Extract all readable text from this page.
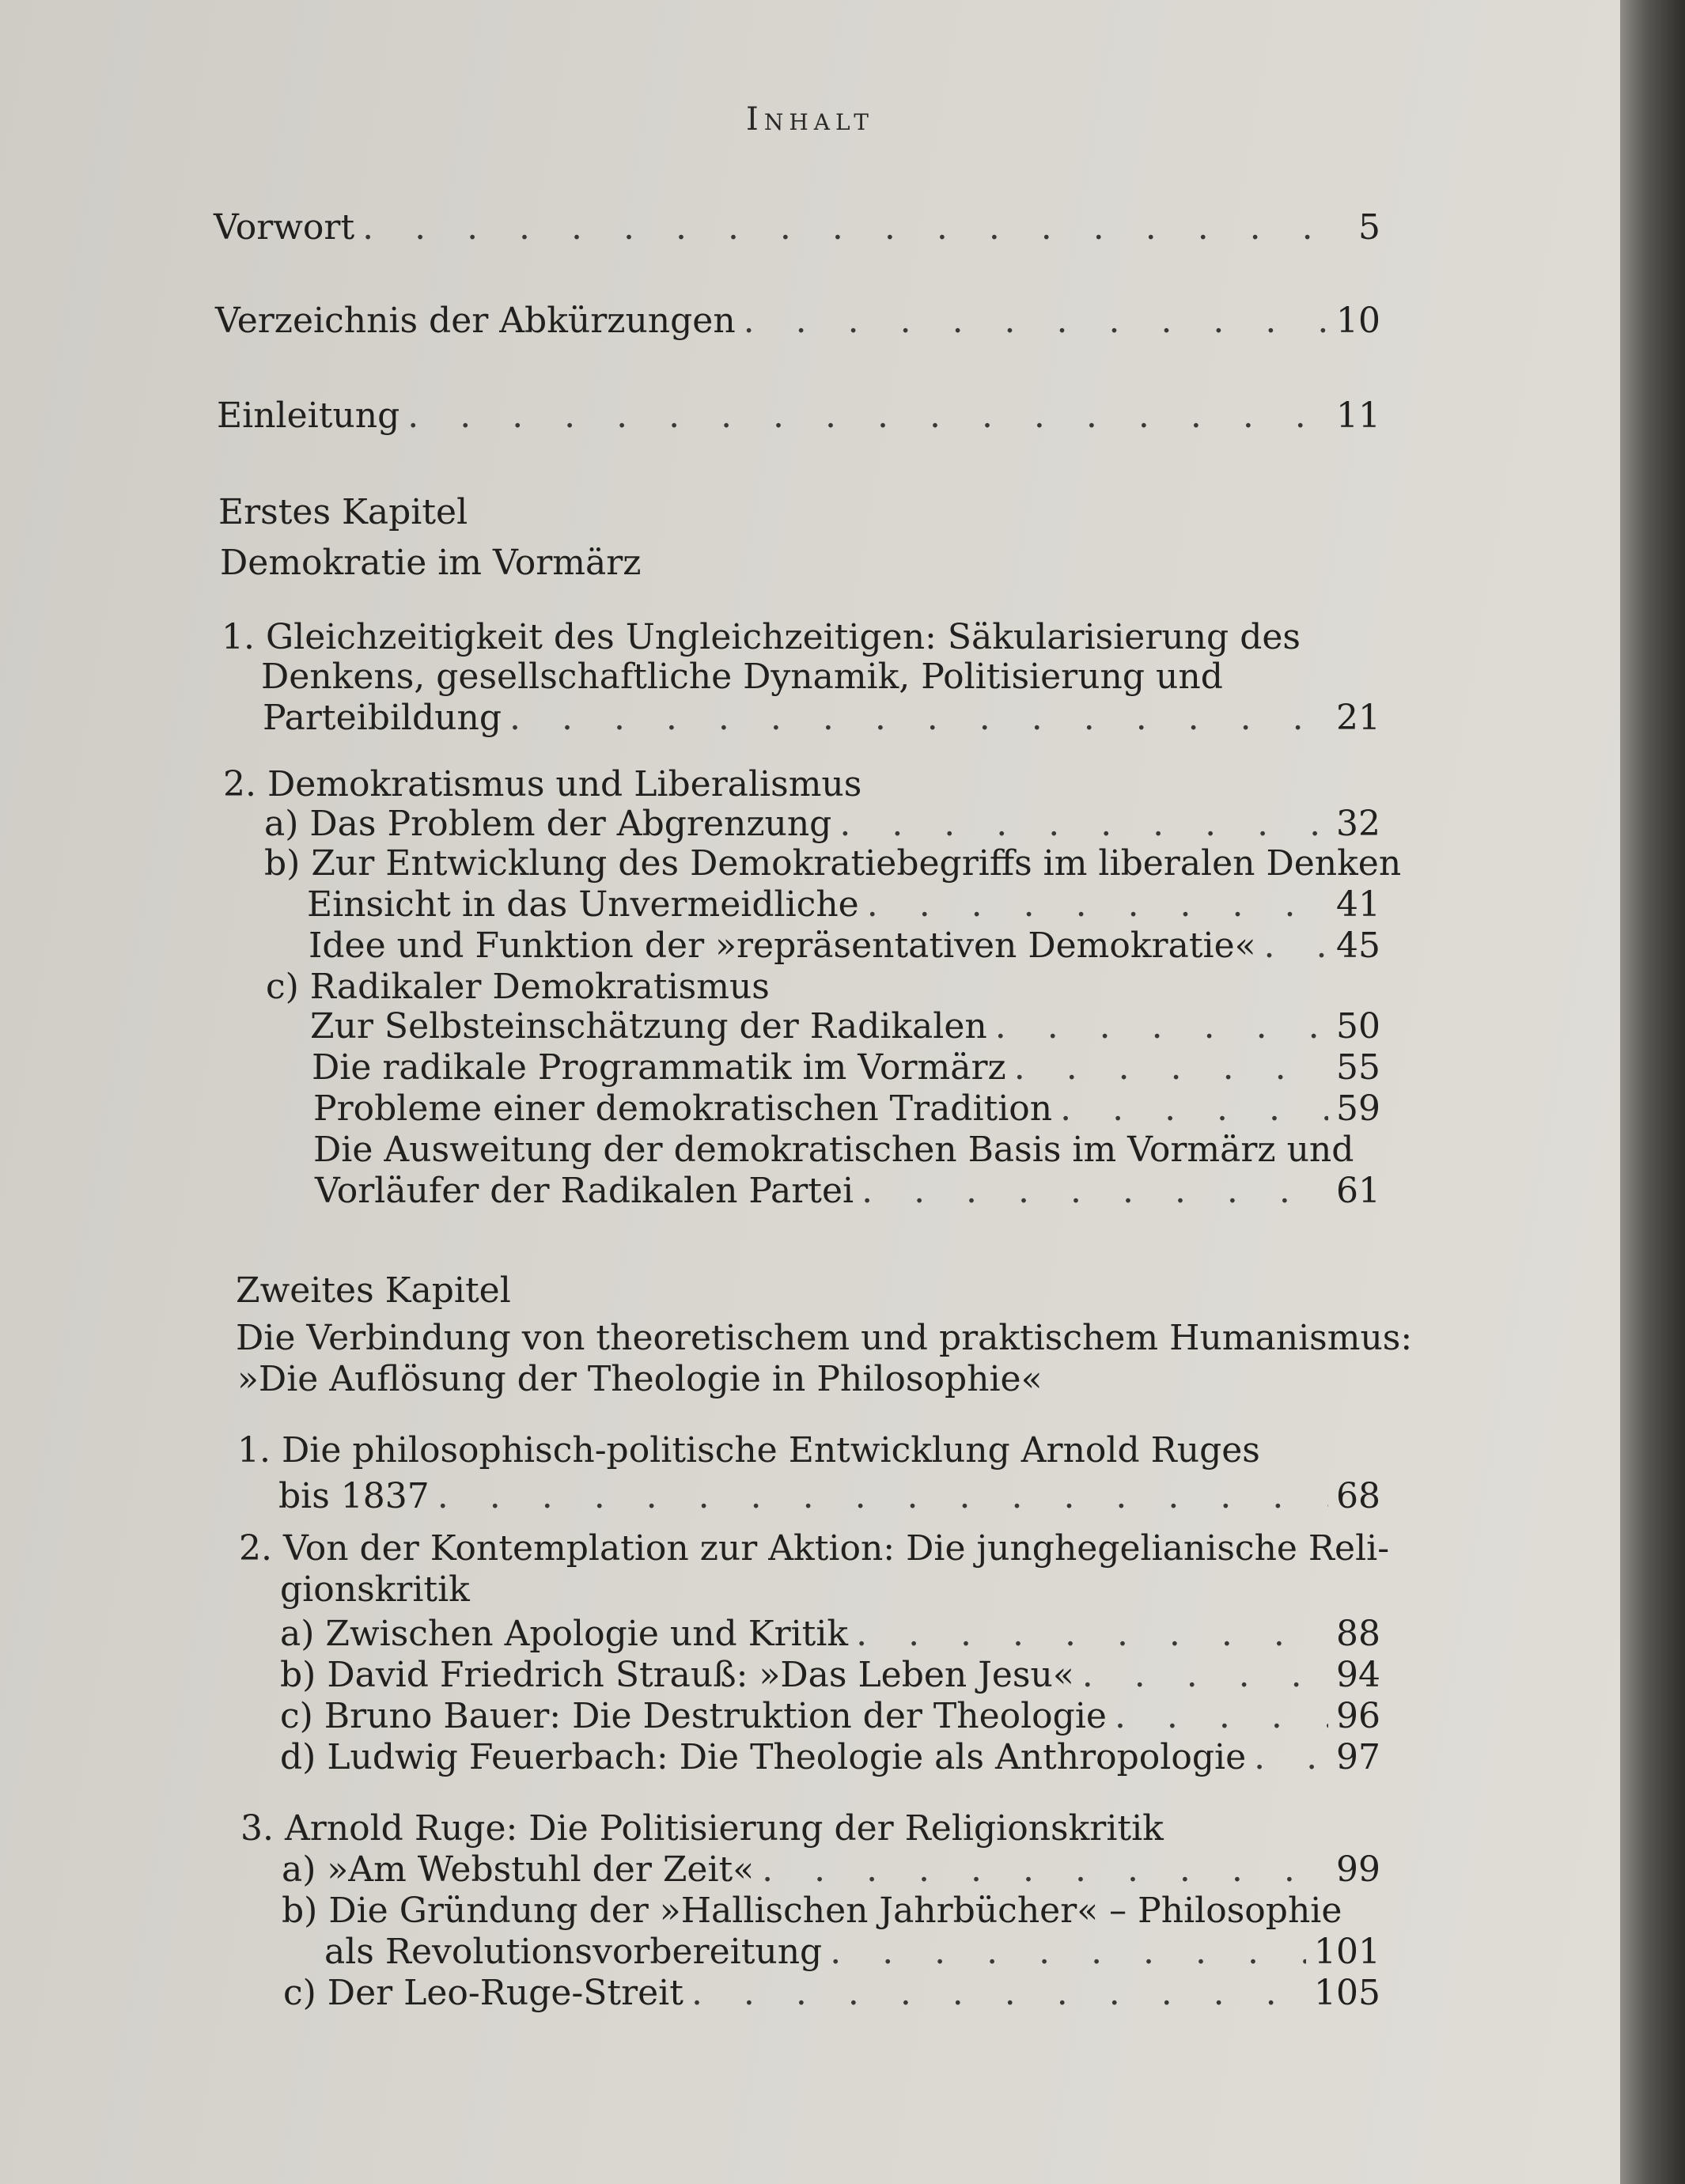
Inhalt
Vorwort . . .	5
Verzeichnis der Abkürzungen . . .	10
Einleitung . . .	11
Erstes Kapitel
Demokratie im Vormärz
1. Gleichzeitigkeit des Ungleichzeitigen: Säkularisierung des
Denkens, gesellschaftliche Dynamik, Politisierung und
Parteibildung . . .	21
2. Demokratismus und Liberalismus
a) Das Problem der Abgrenzung . . .	32
b) Zur Entwicklung des Demokratiebegriffs im liberalen Denken
Einsicht in das Unvermeidliche . . .	41
Idee und Funktion der »repräsentativen Demokratie« . . . 45
c) Radikaler Demokratismus
Zur Selbsteinschätzung der Radikalen . . .	50
Die radikale Programmatik im Vormärz . . .	55
Probleme einer demokratischen Tradition . . .	59
Die Ausweitung der demokratischen Basis im Vormärz und
Vorläufer der Radikalen Partei . . .	61
Zweites Kapitel
Die Verbindung von theoretischem und praktischem Humanismus:
»Die Auflösung der Theologie in Philosophie«
1. Die philosophisch-politische Entwicklung Arnold Ruges
bis 1837 . . .	68
2. Von der Kontemplation zur Aktion: Die junghegelianische Reli-
gionskritik
a) Zwischen Apologie und Kritik . . .	88
b) David Friedrich Strauß: »Das Leben Jesu« . . .	94
c) Bruno Bauer: Die Destruktion der Theologie . . .	96
d) Ludwig Feuerbach: Die Theologie als Anthropologie . . .	97
3. Arnold Ruge: Die Politisierung der Religionskritik
a) »Am Webstuhl der Zeit« . . .	99
b) Die Gründung der »Hallischen Jahrbücher« – Philosophie
als Revolutionsvorbereitung . . .	101
c) Der Leo-Ruge-Streit . . .	105
